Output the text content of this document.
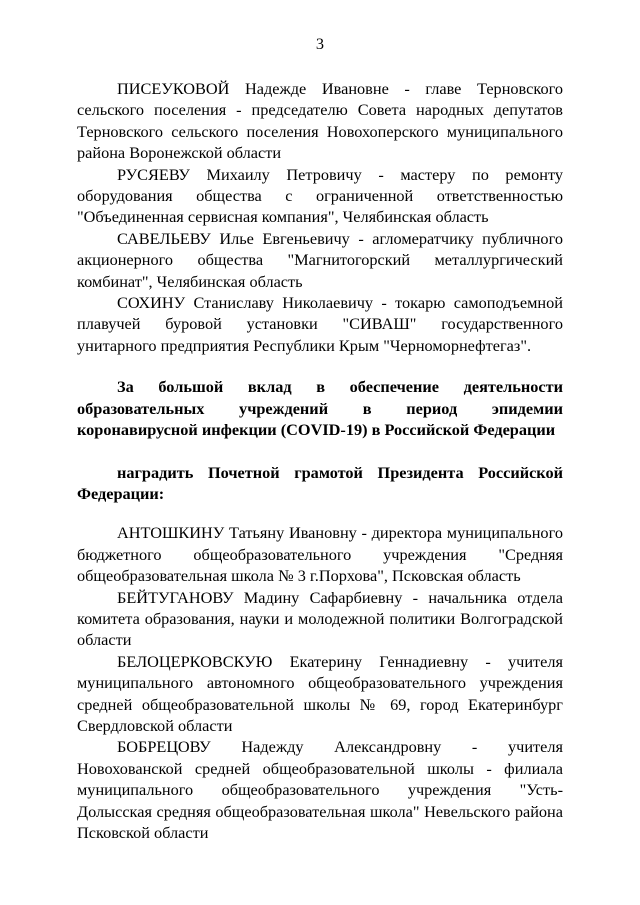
3

ПИСЕУКОВОЙ Надежде Ивановне - главе Терновского сельского поселения - председателю Совета народных депутатов Терновского сельского поселения Новохоперского муниципального района Воронежской области

РУСЯЕВУ Михаилу Петровичу - мастеру по ремонту оборудования общества с ограниченной ответственностью "Объединенная сервисная компания", Челябинская область

САВЕЛЬЕВУ Илье Евгеньевичу - агломератчику публичного акционерного общества "Магнитогорский металлургический комбинат", Челябинская область

СОХИНУ Станиславу Николаевичу - токарю самоподъемной плавучей буровой установки "СИВАШ" государственного унитарного предприятия Республики Крым "Черноморнефтегаз".

За большой вклад в обеспечение деятельности образовательных учреждений в период эпидемии коронавирусной инфекции (COVID-19) в Российской Федерации

наградить Почетной грамотой Президента Российской Федерации:

АНТОШКИНУ Татьяну Ивановну - директора муниципального бюджетного общеобразовательного учреждения "Средняя общеобразовательная школа № 3 г.Порхова", Псковская область

БЕЙТУГАНОВУ Мадину Сафарбиевну - начальника отдела комитета образования, науки и молодежной политики Волгоградской области

БЕЛОЦЕРКОВСКУЮ Екатерину Геннадиевну - учителя муниципального автономного общеобразовательного учреждения средней общеобразовательной школы № 69, город Екатеринбург Свердловской области

БОБРЕЦОВУ Надежду Александровну - учителя Новохованской средней общеобразовательной школы - филиала муниципального общеобразовательного учреждения "Усть-Долысская средняя общеобразовательная школа" Невельского района Псковской области
